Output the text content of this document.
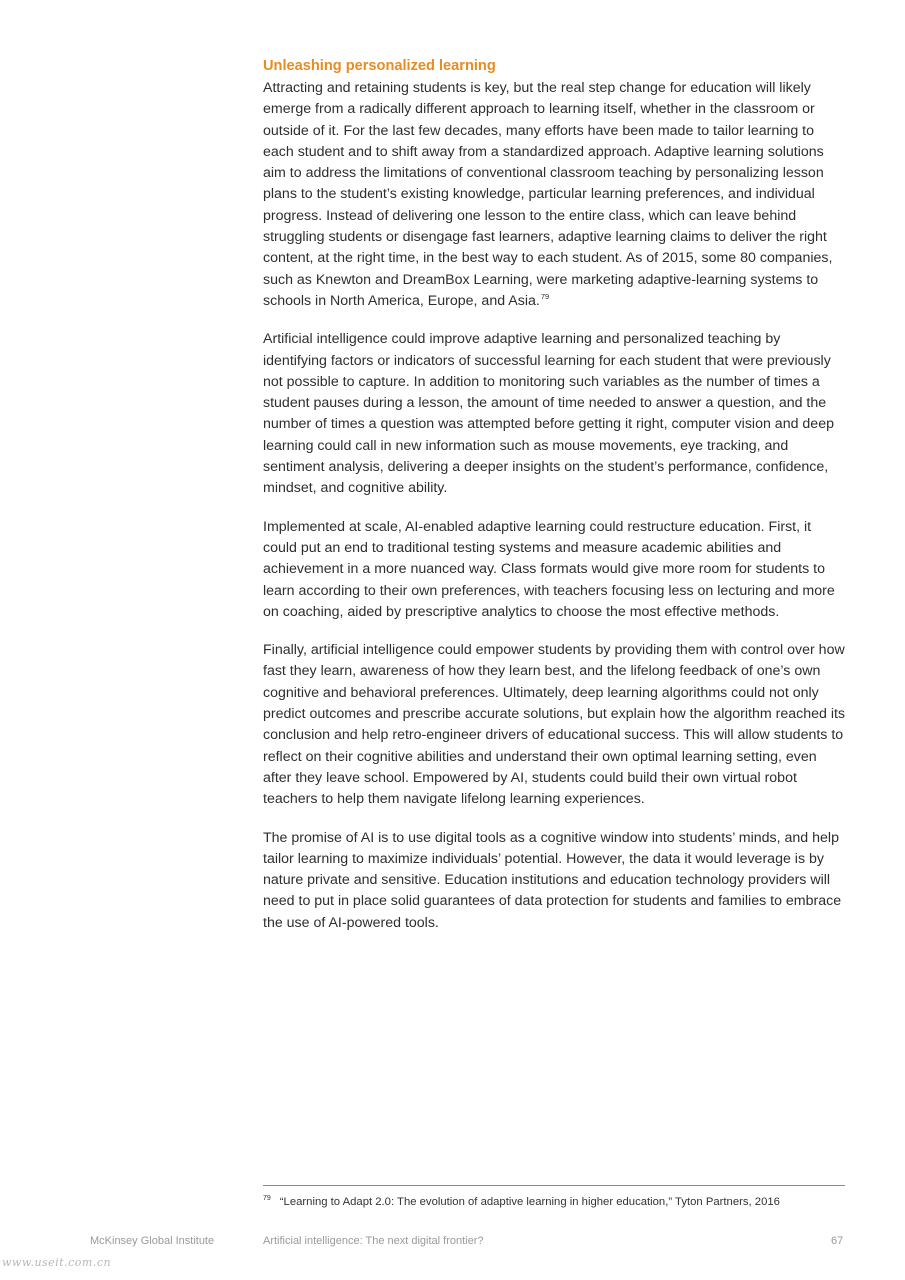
Unleashing personalized learning

Attracting and retaining students is key, but the real step change for education will likely emerge from a radically different approach to learning itself, whether in the classroom or outside of it. For the last few decades, many efforts have been made to tailor learning to each student and to shift away from a standardized approach. Adaptive learning solutions aim to address the limitations of conventional classroom teaching by personalizing lesson plans to the student’s existing knowledge, particular learning preferences, and individual progress. Instead of delivering one lesson to the entire class, which can leave behind struggling students or disengage fast learners, adaptive learning claims to deliver the right content, at the right time, in the best way to each student. As of 2015, some 80 companies, such as Knewton and DreamBox Learning, were marketing adaptive-learning systems to schools in North America, Europe, and Asia.$^{79}$

Artificial intelligence could improve adaptive learning and personalized teaching by identifying factors or indicators of successful learning for each student that were previously not possible to capture. In addition to monitoring such variables as the number of times a student pauses during a lesson, the amount of time needed to answer a question, and the number of times a question was attempted before getting it right, computer vision and deep learning could call in new information such as mouse movements, eye tracking, and sentiment analysis, delivering a deeper insights on the student’s performance, confidence, mindset, and cognitive ability.

Implemented at scale, AI-enabled adaptive learning could restructure education. First, it could put an end to traditional testing systems and measure academic abilities and achievement in a more nuanced way. Class formats would give more room for students to learn according to their own preferences, with teachers focusing less on lecturing and more on coaching, aided by prescriptive analytics to choose the most effective methods.

Finally, artificial intelligence could empower students by providing them with control over how fast they learn, awareness of how they learn best, and the lifelong feedback of one’s own cognitive and behavioral preferences. Ultimately, deep learning algorithms could not only predict outcomes and prescribe accurate solutions, but explain how the algorithm reached its conclusion and help retro-engineer drivers of educational success. This will allow students to reflect on their cognitive abilities and understand their own optimal learning setting, even after they leave school. Empowered by AI, students could build their own virtual robot teachers to help them navigate lifelong learning experiences.

The promise of AI is to use digital tools as a cognitive window into students’ minds, and help tailor learning to maximize individuals’ potential. However, the data it would leverage is by nature private and sensitive. Education institutions and education technology providers will need to put in place solid guarantees of data protection for students and families to embrace the use of AI-powered tools.

$^{79}$ “Learning to Adapt 2.0: The evolution of adaptive learning in higher education,” Tyton Partners, 2016
McKinsey Global Institute	Artificial intelligence: The next digital frontier?	67
www.useit.com.cn
